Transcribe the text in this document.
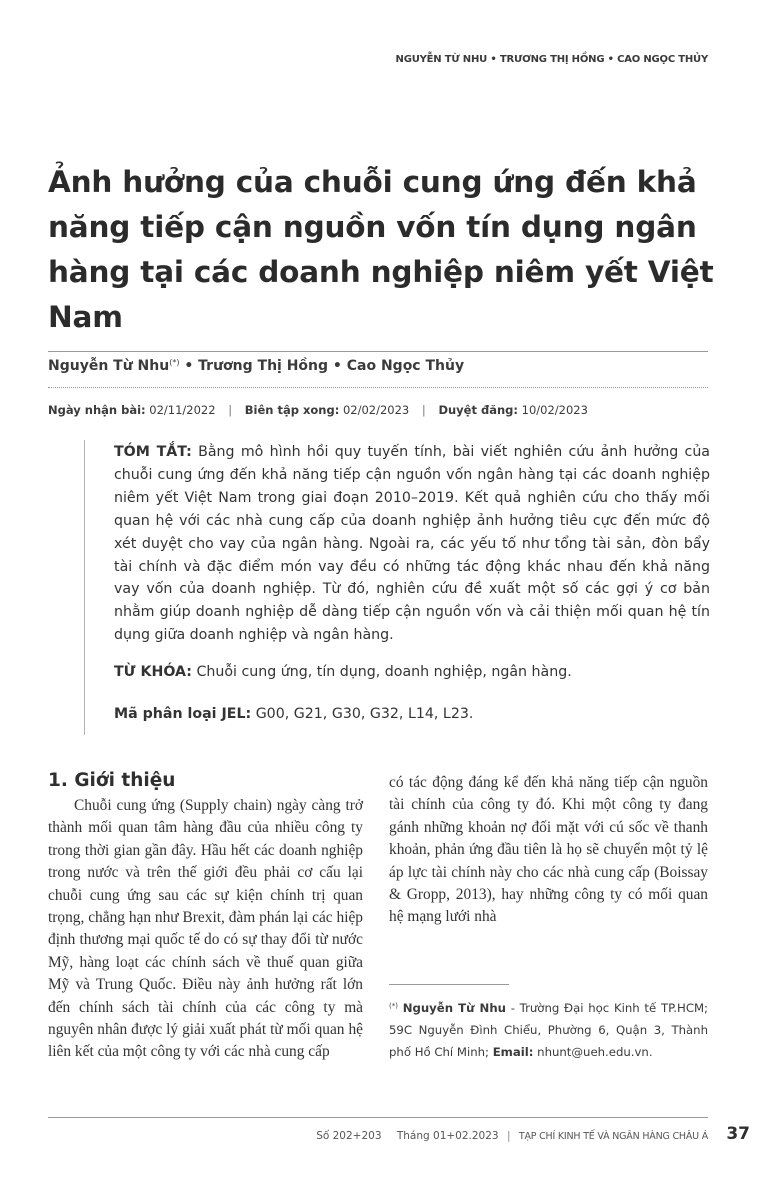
NGUYỄN TỪ NHU • TRƯƠNG THỊ HỒNG • CAO NGỌC THỦY
Ảnh hưởng của chuỗi cung ứng đến khả năng tiếp cận nguồn vốn tín dụng ngân hàng tại các doanh nghiệp niêm yết Việt Nam
Nguyễn Từ Nhu(*) • Trương Thị Hồng • Cao Ngọc Thủy
Ngày nhận bài: 02/11/2022 | Biên tập xong: 02/02/2023 | Duyệt đăng: 10/02/2023

TÓM TẮT: Bằng mô hình hồi quy tuyến tính, bài viết nghiên cứu ảnh hưởng của chuỗi cung ứng đến khả năng tiếp cận nguồn vốn ngân hàng tại các doanh nghiệp niêm yết Việt Nam trong giai đoạn 2010–2019. Kết quả nghiên cứu cho thấy mối quan hệ với các nhà cung cấp của doanh nghiệp ảnh hưởng tiêu cực đến mức độ xét duyệt cho vay của ngân hàng. Ngoài ra, các yếu tố như tổng tài sản, đòn bẩy tài chính và đặc điểm món vay đều có những tác động khác nhau đến khả năng vay vốn của doanh nghiệp. Từ đó, nghiên cứu đề xuất một số các gợi ý cơ bản nhằm giúp doanh nghiệp dễ dàng tiếp cận nguồn vốn và cải thiện mối quan hệ tín dụng giữa doanh nghiệp và ngân hàng.

TỪ KHÓA: Chuỗi cung ứng, tín dụng, doanh nghiệp, ngân hàng.

Mã phân loại JEL: G00, G21, G30, G32, L14, L23.

1. Giới thiệu

Chuỗi cung ứng (Supply chain) ngày càng trở thành mối quan tâm hàng đầu của nhiều công ty trong thời gian gần đây. Hầu hết các doanh nghiệp trong nước và trên thế giới đều phải cơ cấu lại chuỗi cung ứng sau các sự kiện chính trị quan trọng, chẳng hạn như Brexit, đàm phán lại các hiệp định thương mại quốc tế do có sự thay đổi từ nước Mỹ, hàng loạt các chính sách về thuế quan giữa Mỹ và Trung Quốc. Điều này ảnh hưởng rất lớn đến chính sách tài chính của các công ty mà nguyên nhân được lý giải xuất phát từ mối quan hệ liên kết của một công ty với các nhà cung cấp

có tác động đáng kể đến khả năng tiếp cận nguồn tài chính của công ty đó. Khi một công ty đang gánh những khoản nợ đối mặt với cú sốc về thanh khoản, phản ứng đầu tiên là họ sẽ chuyển một tỷ lệ áp lực tài chính này cho các nhà cung cấp (Boissay & Gropp, 2013), hay những công ty có mối quan hệ mạng lưới nhà

(*) Nguyễn Từ Nhu - Trường Đại học Kinh tế TP.HCM; 59C Nguyễn Đình Chiểu, Phường 6, Quận 3, Thành phố Hồ Chí Minh; Email: nhunt@ueh.edu.vn.

Số 202+203 Tháng 01+02.2023 | TẠP CHÍ KINH TẾ VÀ NGÂN HÀNG CHÂU Á 37
